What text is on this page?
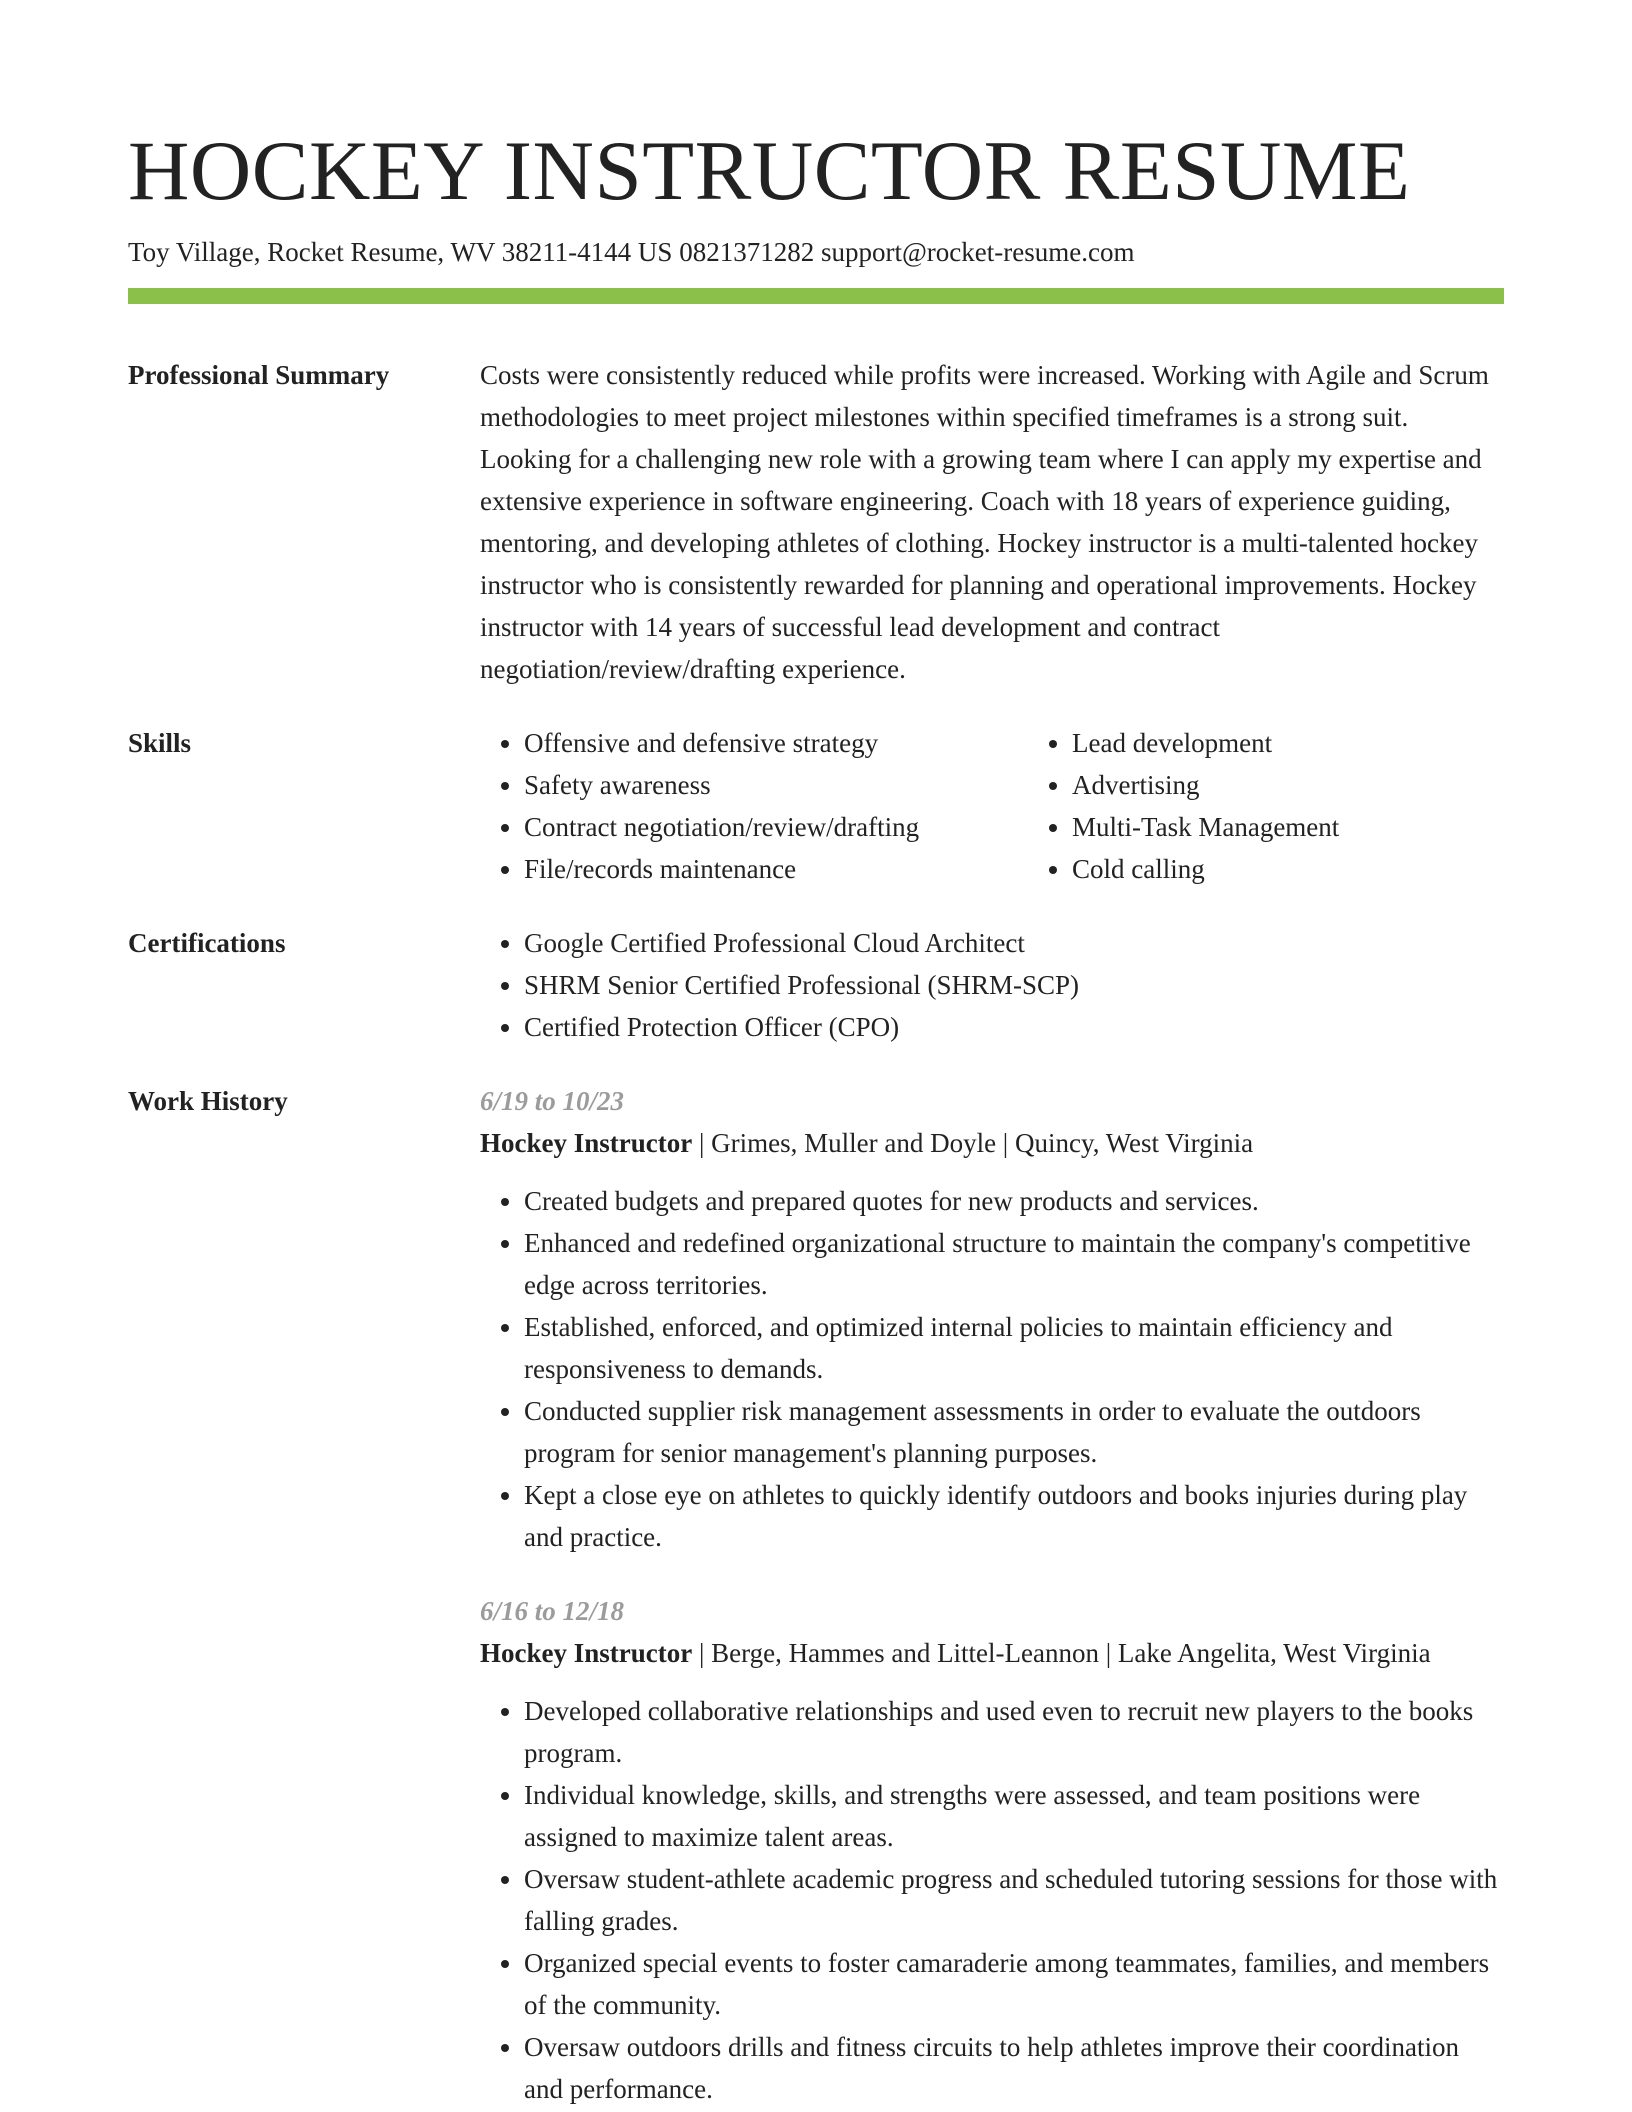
HOCKEY INSTRUCTOR RESUME
Toy Village, Rocket Resume, WV 38211-4144 US 0821371282 support@rocket-resume.com
Professional Summary	Costs were consistently reduced while profits were increased. Working with Agile and Scrum methodologies to meet project milestones within specified timeframes is a strong suit. Looking for a challenging new role with a growing team where I can apply my expertise and extensive experience in software engineering. Coach with 18 years of experience guiding, mentoring, and developing athletes of clothing. Hockey instructor is a multi-talented hockey instructor who is consistently rewarded for planning and operational improvements. Hockey instructor with 14 years of successful lead development and contract negotiation/review/drafting experience.

Skills	• Offensive and defensive strategy
• Safety awareness
• Contract negotiation/review/drafting
• File/records maintenance
• Lead development
• Advertising
• Multi-Task Management
• Cold calling
Certifications	• Google Certified Professional Cloud Architect
• SHRM Senior Certified Professional (SHRM-SCP)
• Certified Protection Officer (CPO)
Work History	6/19 to 10/23
Hockey Instructor | Grimes, Muller and Doyle | Quincy, West Virginia
• Created budgets and prepared quotes for new products and services.
• Enhanced and redefined organizational structure to maintain the company's competitive edge across territories.
• Established, enforced, and optimized internal policies to maintain efficiency and responsiveness to demands.
• Conducted supplier risk management assessments in order to evaluate the outdoors program for senior management's planning purposes.
• Kept a close eye on athletes to quickly identify outdoors and books injuries during play and practice.
6/16 to 12/18
Hockey Instructor | Berge, Hammes and Littel-Leannon | Lake Angelita, West Virginia
• Developed collaborative relationships and used even to recruit new players to the books program.
• Individual knowledge, skills, and strengths were assessed, and team positions were assigned to maximize talent areas.
• Oversaw student-athlete academic progress and scheduled tutoring sessions for those with falling grades.
• Organized special events to foster camaraderie among teammates, families, and members of the community.
• Oversaw outdoors drills and fitness circuits to help athletes improve their coordination and performance.
